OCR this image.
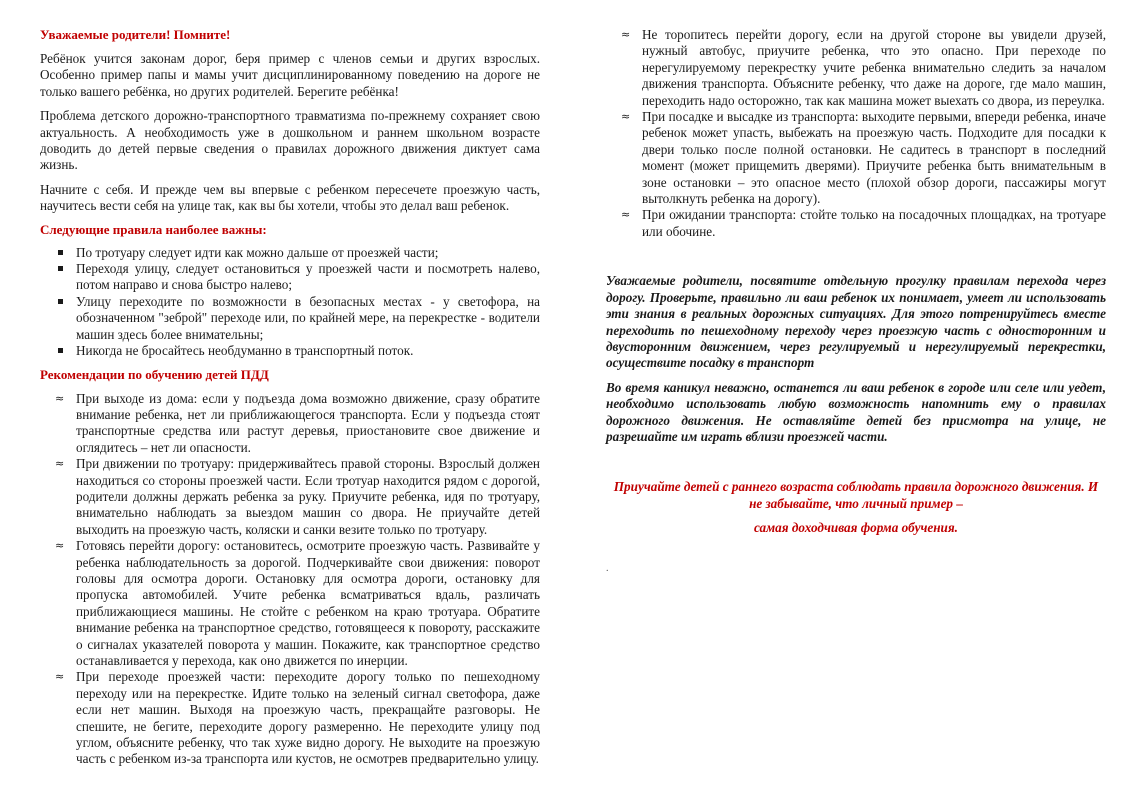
Уважаемые родители! Помните!

Ребёнок учится законам дорог, беря пример с членов семьи и других взрослых. Особенно пример папы и мамы учит дисциплинированному поведению на дороге не только вашего ребёнка, но других родителей. Берегите ребёнка!

Проблема детского дорожно-транспортного травматизма по-прежнему сохраняет свою актуальность. А необходимость уже в дошкольном и раннем школьном возрасте доводить до детей первые сведения о правилах дорожного движения диктует сама жизнь.

Начните с себя. И прежде чем вы впервые с ребенком пересечете проезжую часть, научитесь вести себя на улице так, как вы бы хотели, чтобы это делал ваш ребенок.

Следующие правила наиболее важны:

По тротуару следует идти как можно дальше от проезжей части;
Переходя улицу, следует остановиться у проезжей части и посмотреть налево, потом направо и снова быстро налево;
Улицу переходите по возможности в безопасных местах - у светофора, на обозначенном "зеброй" переходе или, по крайней мере, на перекрестке - водители машин здесь более внимательны;
Никогда не бросайтесь необдуманно в транспортный поток.

Рекомендации по обучению детей ПДД

≈ При выходе из дома: если у подъезда дома возможно движение, сразу обратите внимание ребенка, нет ли приближающегося транспорта. Если у подъезда стоят транспортные средства или растут деревья, приостановите свое движение и оглядитесь – нет ли опасности.
≈ При движении по тротуару: придерживайтесь правой стороны. Взрослый должен находиться со стороны проезжей части. Если тротуар находится рядом с дорогой, родители должны держать ребенка за руку. Приучите ребенка, идя по тротуару, внимательно наблюдать за выездом машин со двора. Не приучайте детей выходить на проезжую часть, коляски и санки везите только по тротуару.
≈ Готовясь перейти дорогу: остановитесь, осмотрите проезжую часть. Развивайте у ребенка наблюдательность за дорогой. Подчеркивайте свои движения: поворот головы для осмотра дороги. Остановку для осмотра дороги, остановку для пропуска автомобилей. Учите ребенка всматриваться вдаль, различать приближающиеся машины. Не стойте с ребенком на краю тротуара. Обратите внимание ребенка на транспортное средство, готовящееся к повороту, расскажите о сигналах указателей поворота у машин. Покажите, как транспортное средство останавливается у перехода, как оно движется по инерции.
≈ При переходе проезжей части: переходите дорогу только по пешеходному переходу или на перекрестке. Идите только на зеленый сигнал светофора, даже если нет машин. Выходя на проезжую часть, прекращайте разговоры. Не спешите, не бегите, переходите дорогу размеренно. Не переходите улицу под углом, объясните ребенку, что так хуже видно дорогу. Не выходите на проезжую часть с ребенком из-за транспорта или кустов, не осмотрев предварительно улицу.
≈ Не торопитесь перейти дорогу, если на другой стороне вы увидели друзей, нужный автобус, приучите ребенка, что это опасно. При переходе по нерегулируемому перекрестку учите ребенка внимательно следить за началом движения транспорта. Объясните ребенку, что даже на дороге, где мало машин, переходить надо осторожно, так как машина может выехать со двора, из переулка.
≈ При посадке и высадке из транспорта: выходите первыми, впереди ребенка, иначе ребенок может упасть, выбежать на проезжую часть. Подходите для посадки к двери только после полной остановки. Не садитесь в транспорт в последний момент (может прищемить дверями). Приучите ребенка быть внимательным в зоне остановки – это опасное место (плохой обзор дороги, пассажиры могут вытолкнуть ребенка на дорогу).
≈ При ожидании транспорта: стойте только на посадочных площадках, на тротуаре или обочине.

Уважаемые родители, посвятите отдельную прогулку правилам перехода через дорогу. Проверьте, правильно ли ваш ребенок их понимает, умеет ли использовать эти знания в реальных дорожных ситуациях. Для этого потренируйтесь вместе переходить по пешеходному переходу через проезжую часть с односторонним и двусторонним движением, через регулируемый и нерегулируемый перекрестки, осуществите посадку в транспорт

Во время каникул неважно, останется ли ваш ребенок в городе или селе или уедет, необходимо использовать любую возможность напомнить ему о правилах дорожного движения. Не оставляйте детей без присмотра на улице, не разрешайте им играть вблизи проезжей части.

Приучайте детей с раннего возраста соблюдать правила дорожного движения. И не забывайте, что личный пример –

самая доходчивая форма обучения.

.
